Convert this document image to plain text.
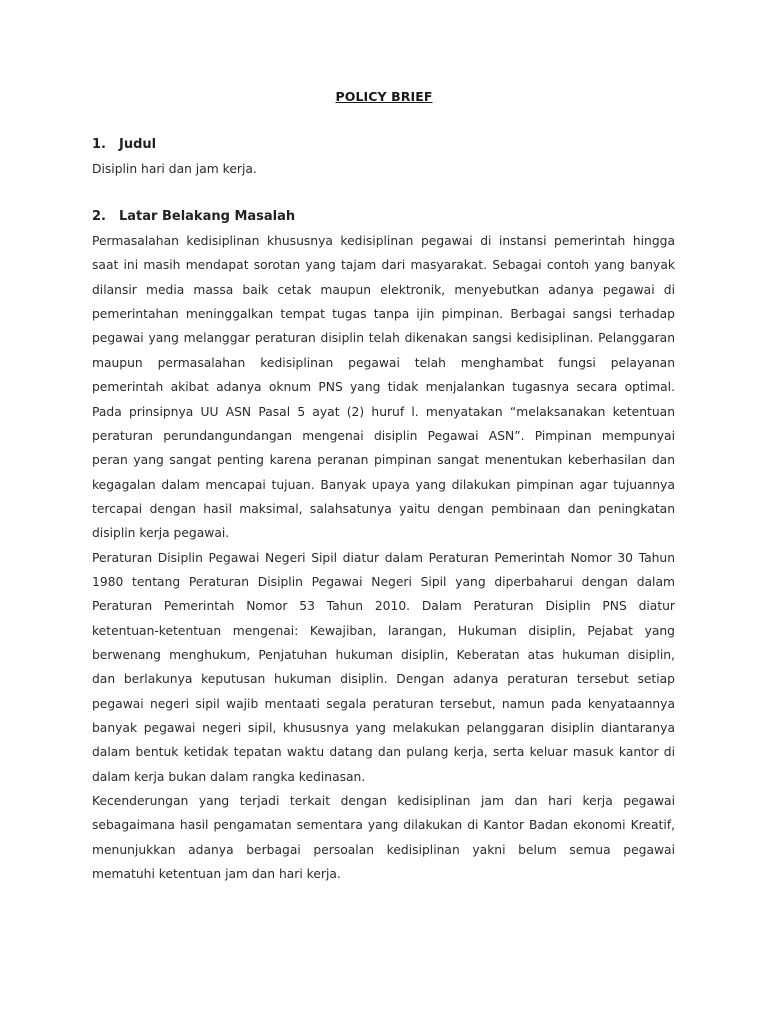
POLICY BRIEF
1. Judul
Disiplin hari dan jam kerja.
2. Latar Belakang Masalah
Permasalahan kedisiplinan khususnya kedisiplinan pegawai di instansi pemerintah hingga
saat ini masih mendapat sorotan yang tajam dari masyarakat. Sebagai contoh yang banyak
dilansir media massa baik cetak maupun elektronik, menyebutkan adanya pegawai di
pemerintahan meninggalkan tempat tugas tanpa ijin pimpinan. Berbagai sangsi terhadap
pegawai yang melanggar peraturan disiplin telah dikenakan sangsi kedisiplinan. Pelanggaran
maupun permasalahan kedisiplinan pegawai telah menghambat fungsi pelayanan
pemerintah akibat adanya oknum PNS yang tidak menjalankan tugasnya secara optimal.
Pada prinsipnya UU ASN Pasal 5 ayat (2) huruf l. menyatakan “melaksanakan ketentuan
peraturan perundangundangan mengenai disiplin Pegawai ASN”. Pimpinan mempunyai
peran yang sangat penting karena peranan pimpinan sangat menentukan keberhasilan dan
kegagalan dalam mencapai tujuan. Banyak upaya yang dilakukan pimpinan agar tujuannya
tercapai dengan hasil maksimal, salahsatunya yaitu dengan pembinaan dan peningkatan
disiplin kerja pegawai.
Peraturan Disiplin Pegawai Negeri Sipil diatur dalam Peraturan Pemerintah Nomor 30 Tahun
1980 tentang Peraturan Disiplin Pegawai Negeri Sipil yang diperbaharui dengan dalam
Peraturan Pemerintah Nomor 53 Tahun 2010. Dalam Peraturan Disiplin PNS diatur
ketentuan-ketentuan mengenai: Kewajiban, larangan, Hukuman disiplin, Pejabat yang
berwenang menghukum, Penjatuhan hukuman disiplin, Keberatan atas hukuman disiplin,
dan berlakunya keputusan hukuman disiplin. Dengan adanya peraturan tersebut setiap
pegawai negeri sipil wajib mentaati segala peraturan tersebut, namun pada kenyataannya
banyak pegawai negeri sipil, khususnya yang melakukan pelanggaran disiplin diantaranya
dalam bentuk ketidak tepatan waktu datang dan pulang kerja, serta keluar masuk kantor di
dalam kerja bukan dalam rangka kedinasan.
Kecenderungan yang terjadi terkait dengan kedisiplinan jam dan hari kerja pegawai
sebagaimana hasil pengamatan sementara yang dilakukan di Kantor Badan ekonomi Kreatif,
menunjukkan adanya berbagai persoalan kedisiplinan yakni belum semua pegawai
mematuhi ketentuan jam dan hari kerja.
